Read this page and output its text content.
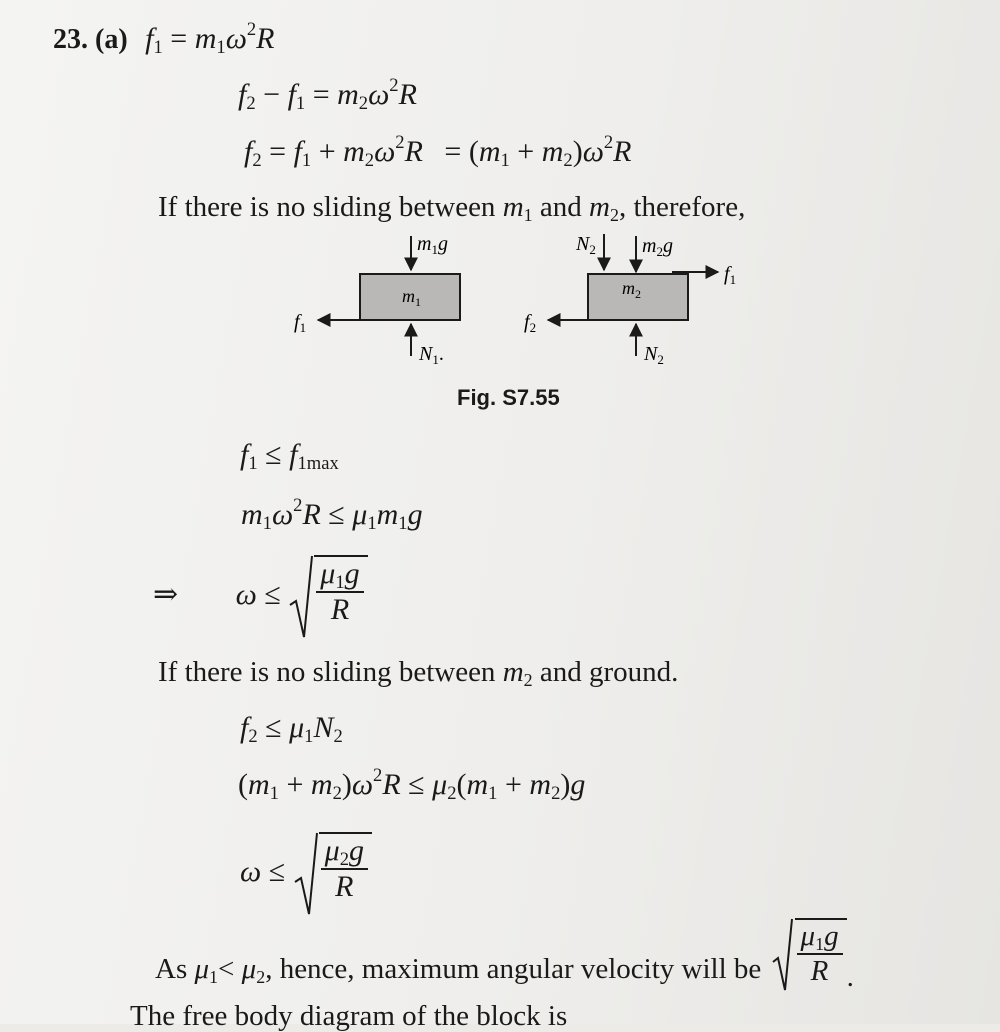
23. (a) $f_1 = m_1\omega^2R$
$f_2 - f_1 = m_2\omega^2R$
$f_2 = f_1 + m_2\omega^2R = (m_1 + m_2)\omega^2R$
If there is no sliding between $m_1$ and $m_2$, therefore,
$m_1$
$m_1g$
$f_1$
$N_1$.
$m_2$
$N_2$ $m_2g$
$f_1$
$f_2$
$N_2$
Fig. S7.55
$f_1 \le f_{1max}$
$m_1\omega^2R \le \mu_1m_1g$
⇒ $\omega \le \frac{\mu_1g}{R}$
If there is no sliding between $m_2$ and ground.
$f_2 \le \mu_1N_2$
$(m_1 + m_2)\omega^2R \le \mu_2(m_1 + m_2)g$
$\omega \le \frac{\mu_2g}{R}$
As $\mu_1< \mu_2$, hence, maximum angular velocity will be $\frac{\mu_1g}{R}$ .
The free body diagram of the block is
